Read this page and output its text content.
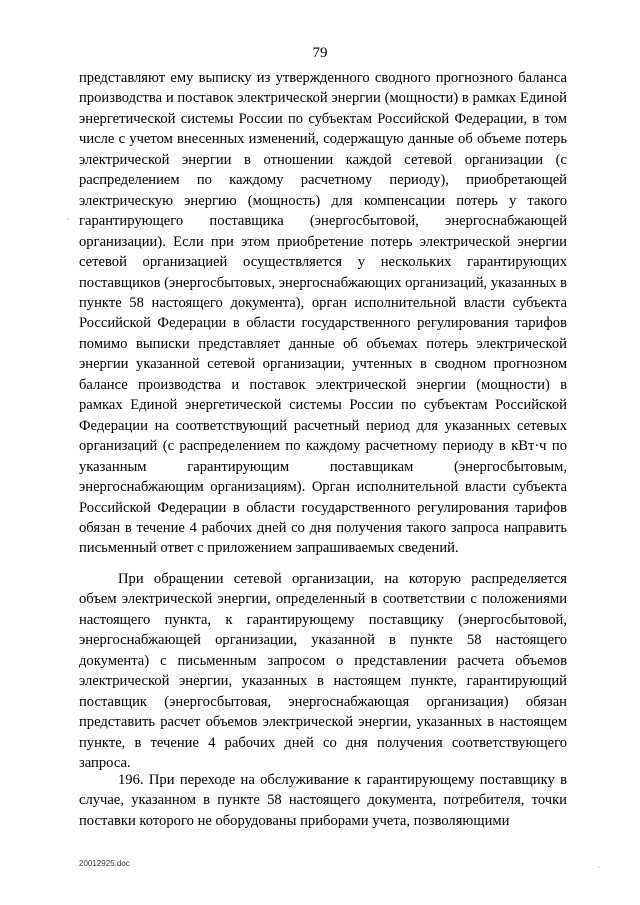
79

представляют ему выписку из утвержденного сводного прогнозного баланса производства и поставок электрической энергии (мощности) в рамках Единой энергетической системы России по субъектам Российской Федерации, в том числе с учетом внесенных изменений, содержащую данные об объеме потерь электрической энергии в отношении каждой сетевой организации (с распределением по каждому расчетному периоду), приобретающей электрическую энергию (мощность) для компенсации потерь у такого гарантирующего поставщика (энергосбытовой, энергоснабжающей организации). Если при этом приобретение потерь электрической энергии сетевой организацией осуществляется у нескольких гарантирующих поставщиков (энергосбытовых, энергоснабжающих организаций, указанных в пункте 58 настоящего документа), орган исполнительной власти субъекта Российской Федерации в области государственного регулирования тарифов помимо выписки представляет данные об объемах потерь электрической энергии указанной сетевой организации, учтенных в сводном прогнозном балансе производства и поставок электрической энергии (мощности) в рамках Единой энергетической системы России по субъектам Российской Федерации на соответствующий расчетный период для указанных сетевых организаций (с распределением по каждому расчетному периоду в кВт·ч по указанным гарантирующим поставщикам (энергосбытовым, энергоснабжающим организациям). Орган исполнительной власти субъекта Российской Федерации в области государственного регулирования тарифов обязан в течение 4 рабочих дней со дня получения такого запроса направить письменный ответ с приложением запрашиваемых сведений.

При обращении сетевой организации, на которую распределяется объем электрической энергии, определенный в соответствии с положениями настоящего пункта, к гарантирующему поставщику (энергосбытовой, энергоснабжающей организации, указанной в пункте 58 настоящего документа) с письменным запросом о представлении расчета объемов электрической энергии, указанных в настоящем пункте, гарантирующий поставщик (энергосбытовая, энергоснабжающая организация) обязан представить расчет объемов электрической энергии, указанных в настоящем пункте, в течение 4 рабочих дней со дня получения соответствующего запроса.

196. При переходе на обслуживание к гарантирующему поставщику в случае, указанном в пункте 58 настоящего документа, потребителя, точки поставки которого не оборудованы приборами учета, позволяющими

20012925.doc
,
.
